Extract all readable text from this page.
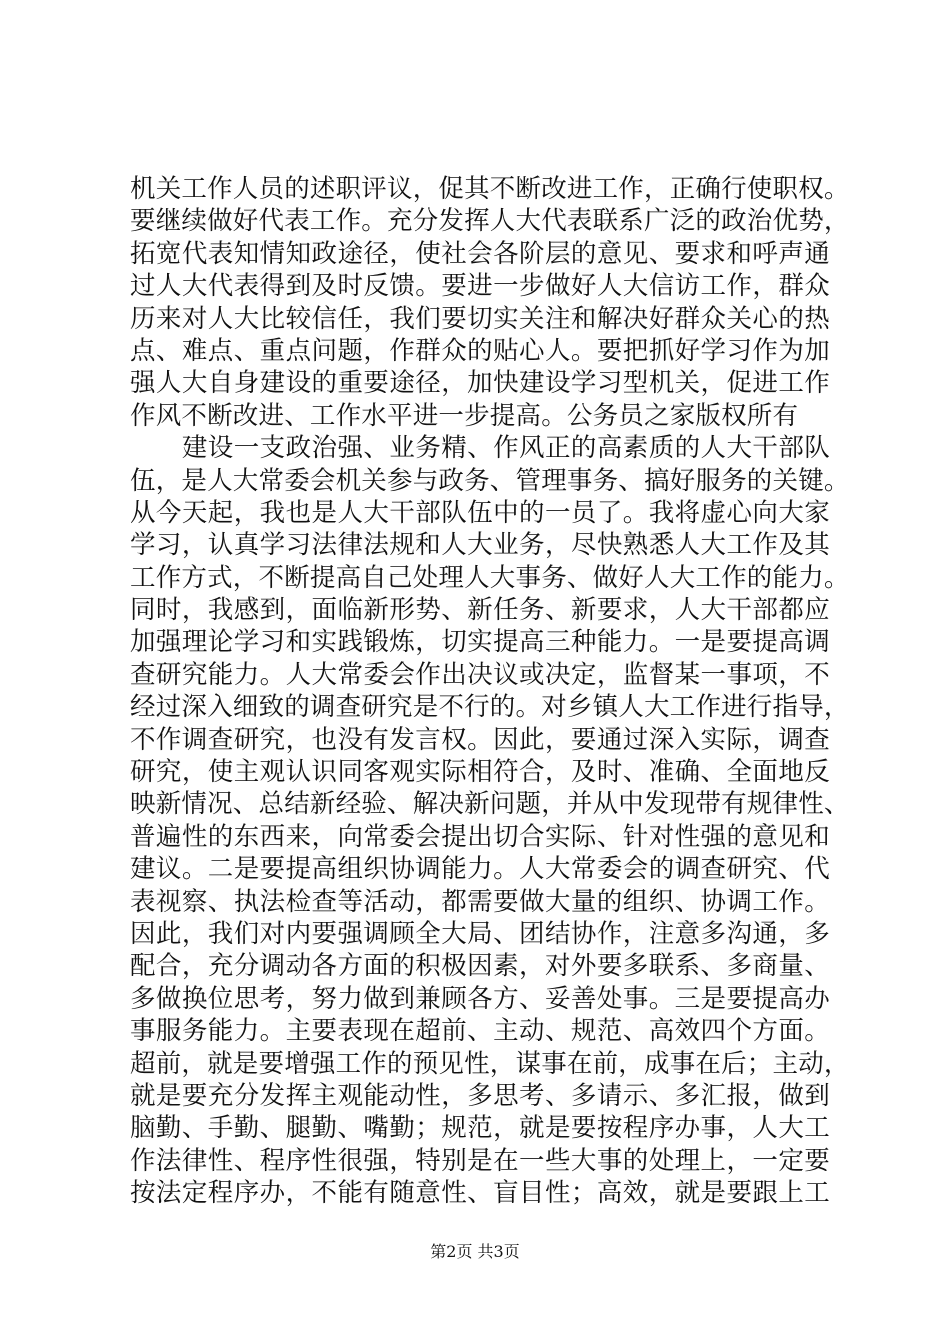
机关工作人员的述职评议，促其不断改进工作，正确行使职权。
要继续做好代表工作。充分发挥人大代表联系广泛的政治优势，
拓宽代表知情知政途径，使社会各阶层的意见、要求和呼声通
过人大代表得到及时反馈。要进一步做好人大信访工作，群众
历来对人大比较信任，我们要切实关注和解决好群众关心的热
点、难点、重点问题，作群众的贴心人。要把抓好学习作为加
强人大自身建设的重要途径，加快建设学习型机关，促进工作
作风不断改进、工作水平进一步提高。公务员之家版权所有
　　建设一支政治强、业务精、作风正的高素质的人大干部队
伍，是人大常委会机关参与政务、管理事务、搞好服务的关键。
从今天起，我也是人大干部队伍中的一员了。我将虚心向大家
学习，认真学习法律法规和人大业务，尽快熟悉人大工作及其
工作方式，不断提高自己处理人大事务、做好人大工作的能力。
同时，我感到，面临新形势、新任务、新要求，人大干部都应
加强理论学习和实践锻炼，切实提高三种能力。一是要提高调
查研究能力。人大常委会作出决议或决定，监督某一事项，不
经过深入细致的调查研究是不行的。对乡镇人大工作进行指导，
不作调查研究，也没有发言权。因此，要通过深入实际，调查
研究，使主观认识同客观实际相符合，及时、准确、全面地反
映新情况、总结新经验、解决新问题，并从中发现带有规律性、
普遍性的东西来，向常委会提出切合实际、针对性强的意见和
建议。二是要提高组织协调能力。人大常委会的调查研究、代
表视察、执法检查等活动，都需要做大量的组织、协调工作。
因此，我们对内要强调顾全大局、团结协作，注意多沟通，多
配合，充分调动各方面的积极因素，对外要多联系、多商量、
多做换位思考，努力做到兼顾各方、妥善处事。三是要提高办
事服务能力。主要表现在超前、主动、规范、高效四个方面。
超前，就是要增强工作的预见性，谋事在前，成事在后；主动，
就是要充分发挥主观能动性，多思考、多请示、多汇报，做到
脑勤、手勤、腿勤、嘴勤；规范，就是要按程序办事，人大工
作法律性、程序性很强，特别是在一些大事的处理上，一定要
按法定程序办，不能有随意性、盲目性；高效，就是要跟上工
第2页 共3页
